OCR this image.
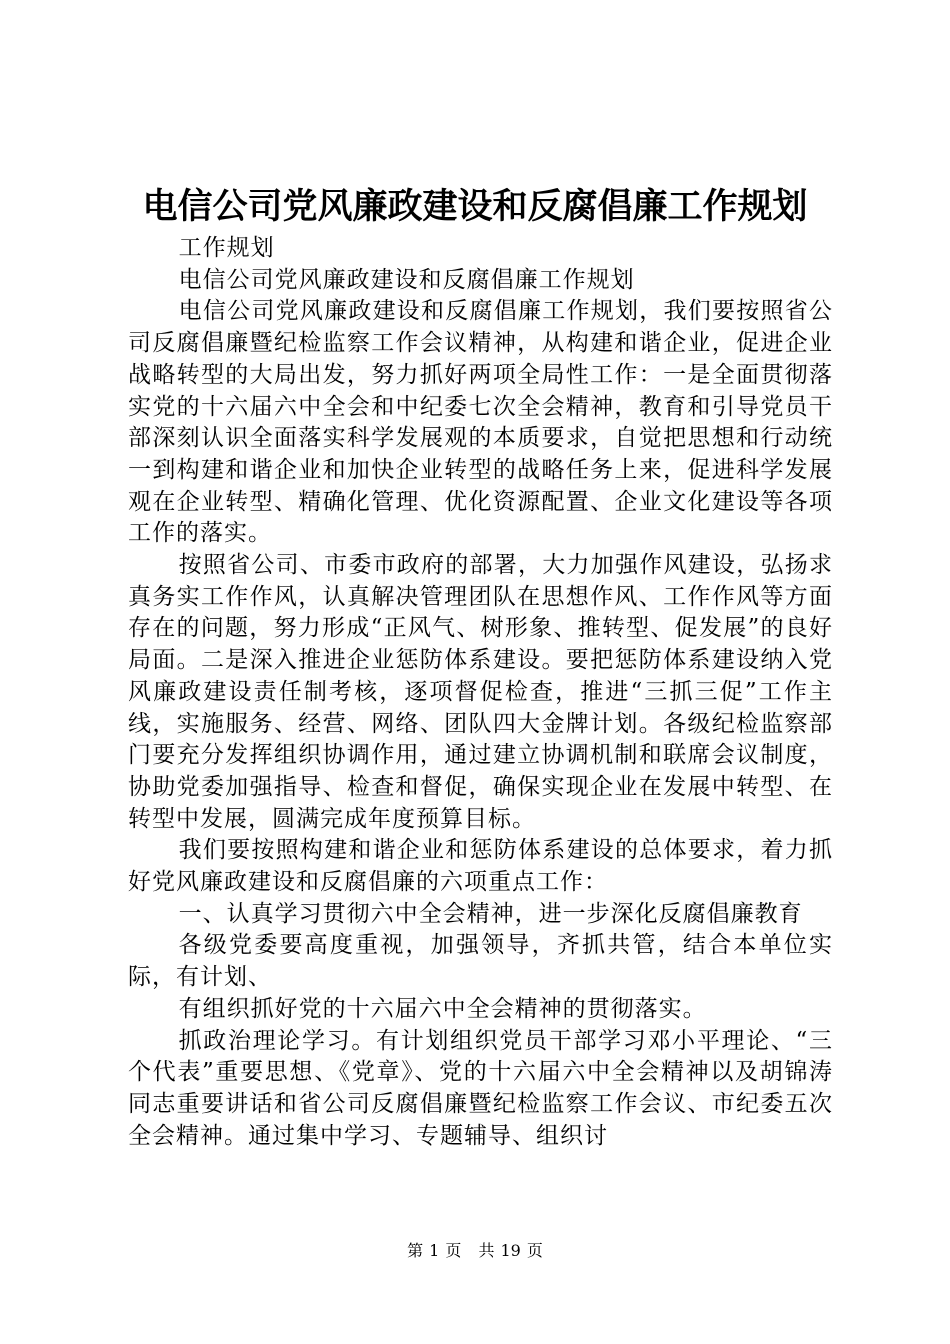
电信公司党风廉政建设和反腐倡廉工作规划

工作规划

电信公司党风廉政建设和反腐倡廉工作规划

电信公司党风廉政建设和反腐倡廉工作规划，我们要按照省公司反腐倡廉暨纪检监察工作会议精神，从构建和谐企业，促进企业战略转型的大局出发，努力抓好两项全局性工作：一是全面贯彻落实党的十六届六中全会和中纪委七次全会精神，教育和引导党员干部深刻认识全面落实科学发展观的本质要求，自觉把思想和行动统一到构建和谐企业和加快企业转型的战略任务上来，促进科学发展观在企业转型、精确化管理、优化资源配置、企业文化建设等各项工作的落实。

按照省公司、市委市政府的部署，大力加强作风建设，弘扬求真务实工作作风，认真解决管理团队在思想作风、工作作风等方面存在的问题，努力形成“正风气、树形象、推转型、促发展”的良好局面。二是深入推进企业惩防体系建设。要把惩防体系建设纳入党风廉政建设责任制考核，逐项督促检查，推进“三抓三促”工作主线，实施服务、经营、网络、团队四大金牌计划。各级纪检监察部门要充分发挥组织协调作用，通过建立协调机制和联席会议制度，协助党委加强指导、检查和督促，确保实现企业在发展中转型、在转型中发展，圆满完成年度预算目标。

我们要按照构建和谐企业和惩防体系建设的总体要求，着力抓好党风廉政建设和反腐倡廉的六项重点工作：

一、认真学习贯彻六中全会精神，进一步深化反腐倡廉教育

各级党委要高度重视，加强领导，齐抓共管，结合本单位实际，有计划、

有组织抓好党的十六届六中全会精神的贯彻落实。

抓政治理论学习。有计划组织党员干部学习邓小平理论、“三个代表”重要思想、《党章》、党的十六届六中全会精神以及胡锦涛同志重要讲话和省公司反腐倡廉暨纪检监察工作会议、市纪委五次全会精神。通过集中学习、专题辅导、组织讨

第 1 页 共 19 页
